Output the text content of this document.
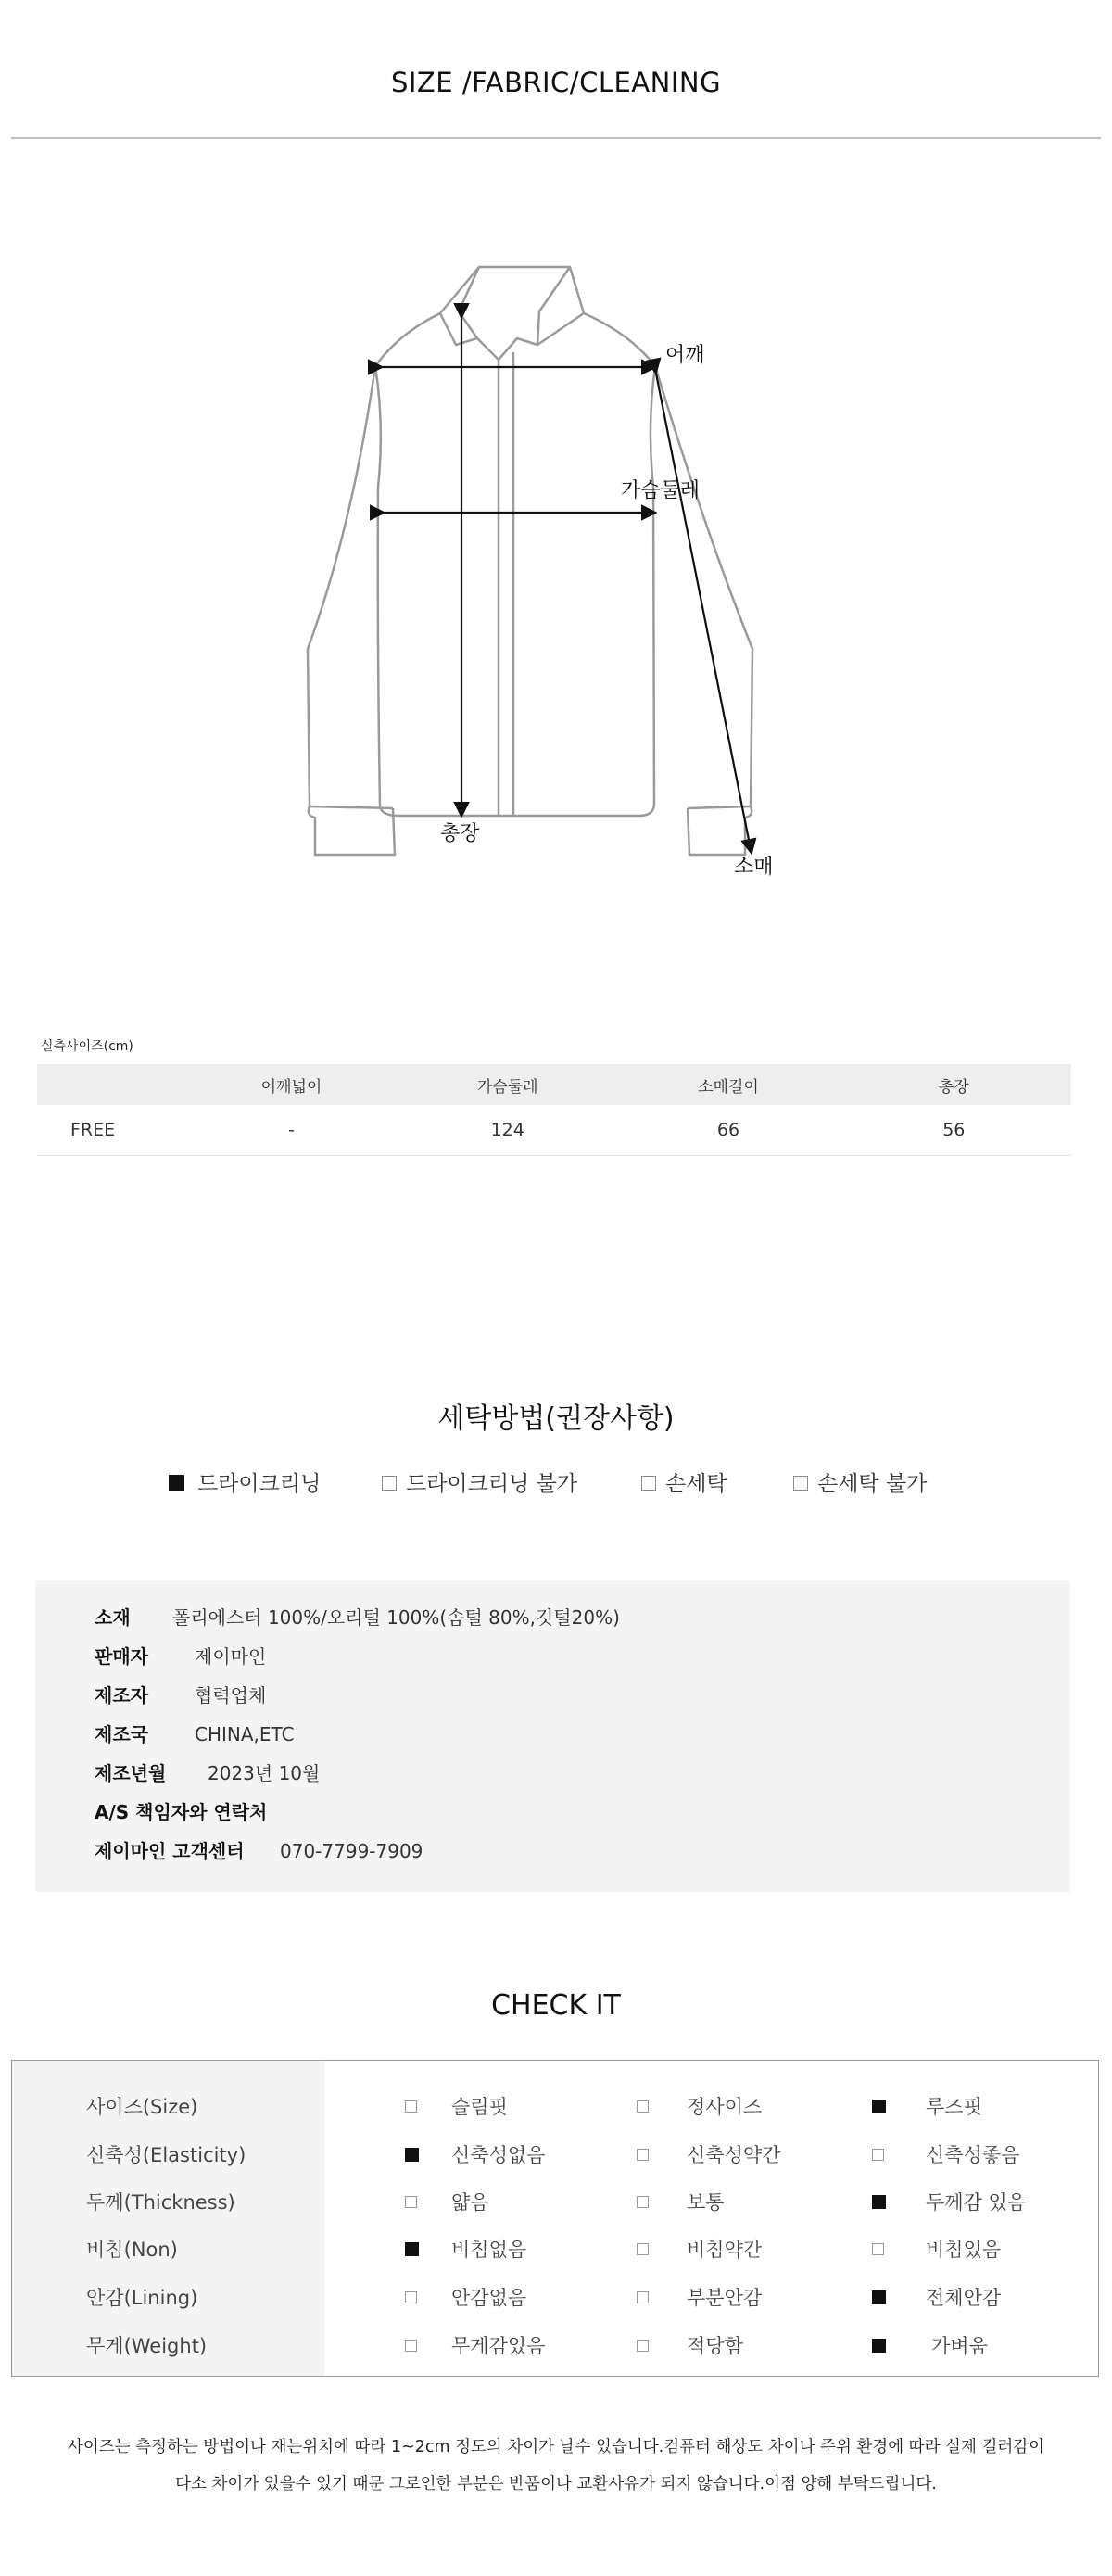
SIZE /FABRIC/CLEANING
어깨
가슴둘레
총장
소매
실측사이즈(cm)
	어깨넓이	가슴둘레	소매길이	총장
FREE	-	124	66	56
세탁방법(권장사항)
드라이크리닝	드라이크리닝 불가	손세탁	손세탁 불가
소재 폴리에스터 100%/오리털 100%(솜털 80%,깃털20%)
판매자	제이마인
제조자	협력업체
제조국	CHINA,ETC
제조년월 2023년 10월
A/S 책임자와 연락처
제이마인 고객센터 070-7799-7909
CHECK IT
사이즈(Size)	슬림핏	정사이즈	루즈핏
신축성(Elasticity)	신축성없음	신축성약간	신축성좋음
두께(Thickness)	얇음	보통	두께감 있음
비침(Non)	비침없음	비침약간	비침있음
안감(Lining)	안감없음	부분안감	전체안감
무게(Weight)	무게감있음	적당함	가벼움
사이즈는 측정하는 방법이나 재는위치에 따라 1~2cm 정도의 차이가 날수 있습니다.컴퓨터 해상도 차이나 주위 환경에 따라 실제 컬러감이
다소 차이가 있을수 있기 때문 그로인한 부분은 반품이나 교환사유가 되지 않습니다.이점 양해 부탁드립니다.
